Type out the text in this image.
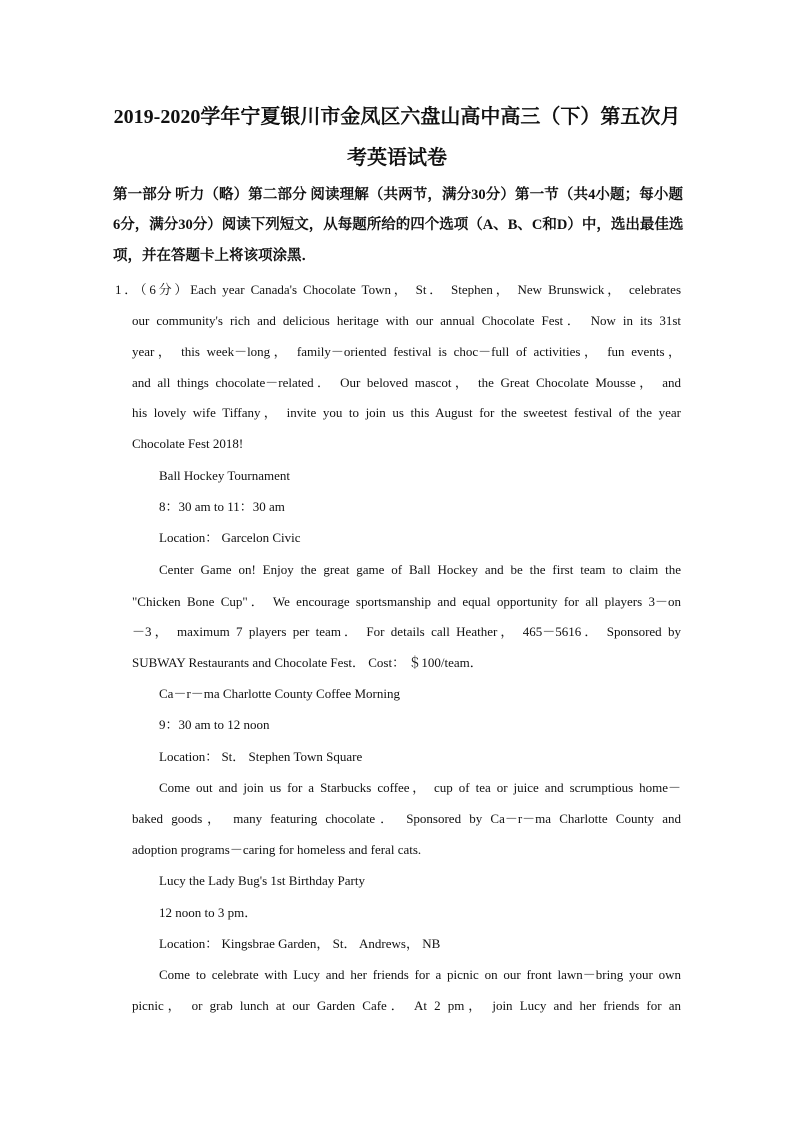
2019-2020学年宁夏银川市金凤区六盘山高中高三（下）第五次月
考英语试卷
第一部分 听力（略）第二部分 阅读理解（共两节，满分30分）第一节（共4小题；每小题
6分，满分30分）阅读下列短文，从每题所给的四个选项（A、B、C和D）中，选出最佳选
项，并在答题卡上将该项涂黑．
1．（6分）Each year Canada's Chocolate Town， St． Stephen， New Brunswick， celebrates
our community's rich and delicious heritage with our annual Chocolate Fest． Now in its 31st
year， this week－long， family－oriented festival is choc－full of activities， fun events，
and all things chocolate－related． Our beloved mascot， the Great Chocolate Mousse， and
his lovely wife Tiffany， invite you to join us this August for the sweetest festival of the year
Chocolate Fest 2018!
Ball Hockey Tournament
8：30 am to 11：30 am
Location： Garcelon Civic
Center Game on! Enjoy the great game of Ball Hockey and be the first team to claim the
"Chicken Bone Cup"． We encourage sportsmanship and equal opportunity for all players 3－on
－3， maximum 7 players per team． For details call Heather， 465－5616． Sponsored by
SUBWAY Restaurants and Chocolate Fest． Cost： ＄100/team．
Ca－r－ma Charlotte County Coffee Morning
9：30 am to 12 noon
Location： St． Stephen Town Square
Come out and join us for a Starbucks coffee， cup of tea or juice and scrumptious home－
baked goods， many featuring chocolate． Sponsored by Ca－r－ma Charlotte County and
adoption programs－caring for homeless and feral cats.
Lucy the Lady Bug's 1st Birthday Party
12 noon to 3 pm．
Location： Kingsbrae Garden， St． Andrews， NB
Come to celebrate with Lucy and her friends for a picnic on our front lawn－bring your own
picnic， or grab lunch at our Garden Cafe． At 2 pm， join Lucy and her friends for an
